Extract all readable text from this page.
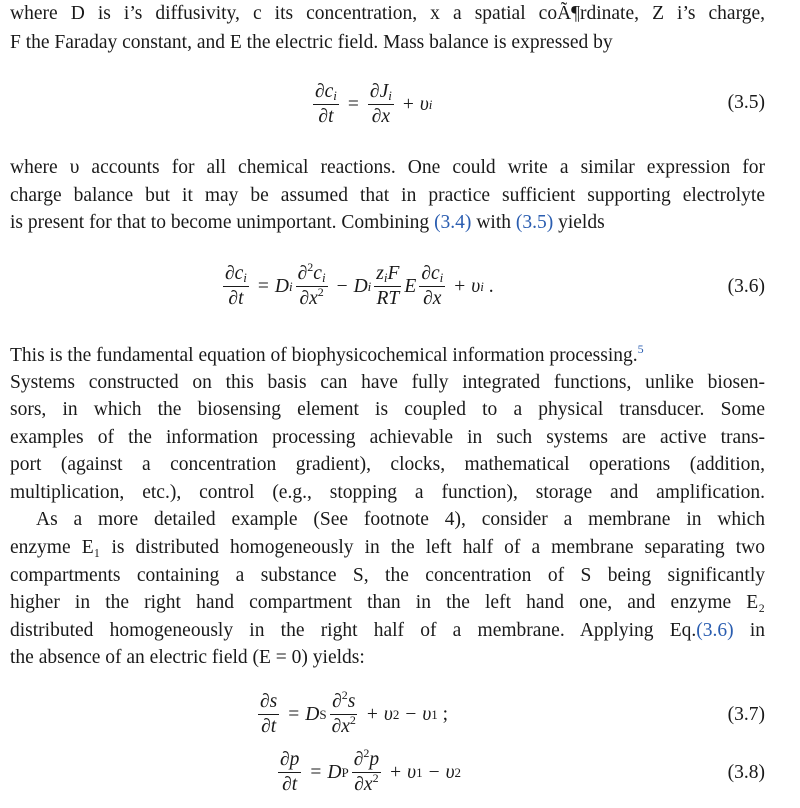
where D is i’s diffusivity, c its concentration, x a spatial coÃ¶rdinate, Z i’s charge,
F the Faraday constant, and E the electric field. Mass balance is expressed by
$\frac{\partial c_i}{\partial t} = \frac{\partial J_i}{\partial x} + \upsilon$ i	(3.5)
where υ accounts for all chemical reactions. One could write a similar expression for
charge balance but it may be assumed that in practice sufficient supporting electrolyte
is present for that to become unimportant. Combining (3.4) with (3.5) yields
$\frac{\partial c_i}{\partial t} = D$ i $\frac{\partial^2c_i}{\partial x^2} - D$ i $\frac{z_iF}{RT}$ E $\frac{\partial c_i}{\partial x} + \upsilon$ i .	(3.6)
This is the fundamental equation of biophysicochemical information processing.$^5$
Systems constructed on this basis can have fully integrated functions, unlike biosen-
sors, in which the biosensing element is coupled to a physical transducer. Some
examples of the information processing achievable in such systems are active trans-
port (against a concentration gradient), clocks, mathematical operations (addition,
multiplication, etc.), control (e.g., stopping a function), storage and amplification.
As a more detailed example (See footnote 4), consider a membrane in which
enzyme E₁ is distributed homogeneously in the left half of a membrane separating two
compartments containing a substance S, the concentration of S being significantly
higher in the right hand compartment than in the left hand one, and enzyme E₂
distributed homogeneously in the right half of a membrane. Applying Eq.(3.6) in
the absence of an electric field (E = 0) yields:
$\frac{\partial s}{\partial t} = D$ S $\frac{\partial^2s}{\partial x^2} + \upsilon$ 2 − υ 1 ;	(3.7)
$\frac{\partial p}{\partial t} = D$ P $\frac{\partial^2p}{\partial x^2} + \upsilon$ 1 − υ 2	(3.8)
